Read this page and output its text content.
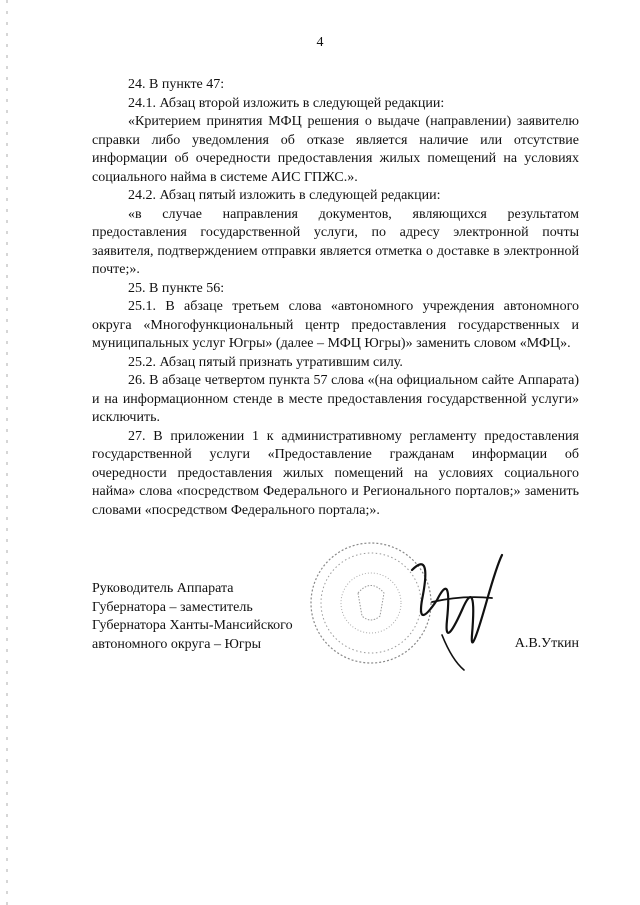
4

24. В пункте 47:

24.1. Абзац второй изложить в следующей редакции:

«Критерием принятия МФЦ решения о выдаче (направлении) заявителю справки либо уведомления об отказе является наличие или отсутствие информации об очередности предоставления жилых помещений на условиях социального найма в системе АИС ГПЖС.».

24.2. Абзац пятый изложить в следующей редакции:

«в случае направления документов, являющихся результатом предоставления государственной услуги, по адресу электронной почты заявителя, подтверждением отправки является отметка о доставке в электронной почте;».

25. В пункте 56:

25.1. В абзаце третьем слова «автономного учреждения автономного округа «Многофункциональный центр предоставления государственных и муниципальных услуг Югры» (далее – МФЦ Югры)» заменить словом «МФЦ».

25.2. Абзац пятый признать утратившим силу.

26. В абзаце четвертом пункта 57 слова «(на официальном сайте Аппарата) и на информационном стенде в месте предоставления государственной услуги» исключить.

27. В приложении 1 к административному регламенту предоставления государственной услуги «Предоставление гражданам информации об очередности предоставления жилых помещений на условиях социального найма» слова «посредством Федерального и Регионального порталов;» заменить словами «посредством Федерального портала;».

Руководитель Аппарата
Губернатора – заместитель
Губернатора Ханты-Мансийского
автономного округа – Югры	А.В.Уткин
